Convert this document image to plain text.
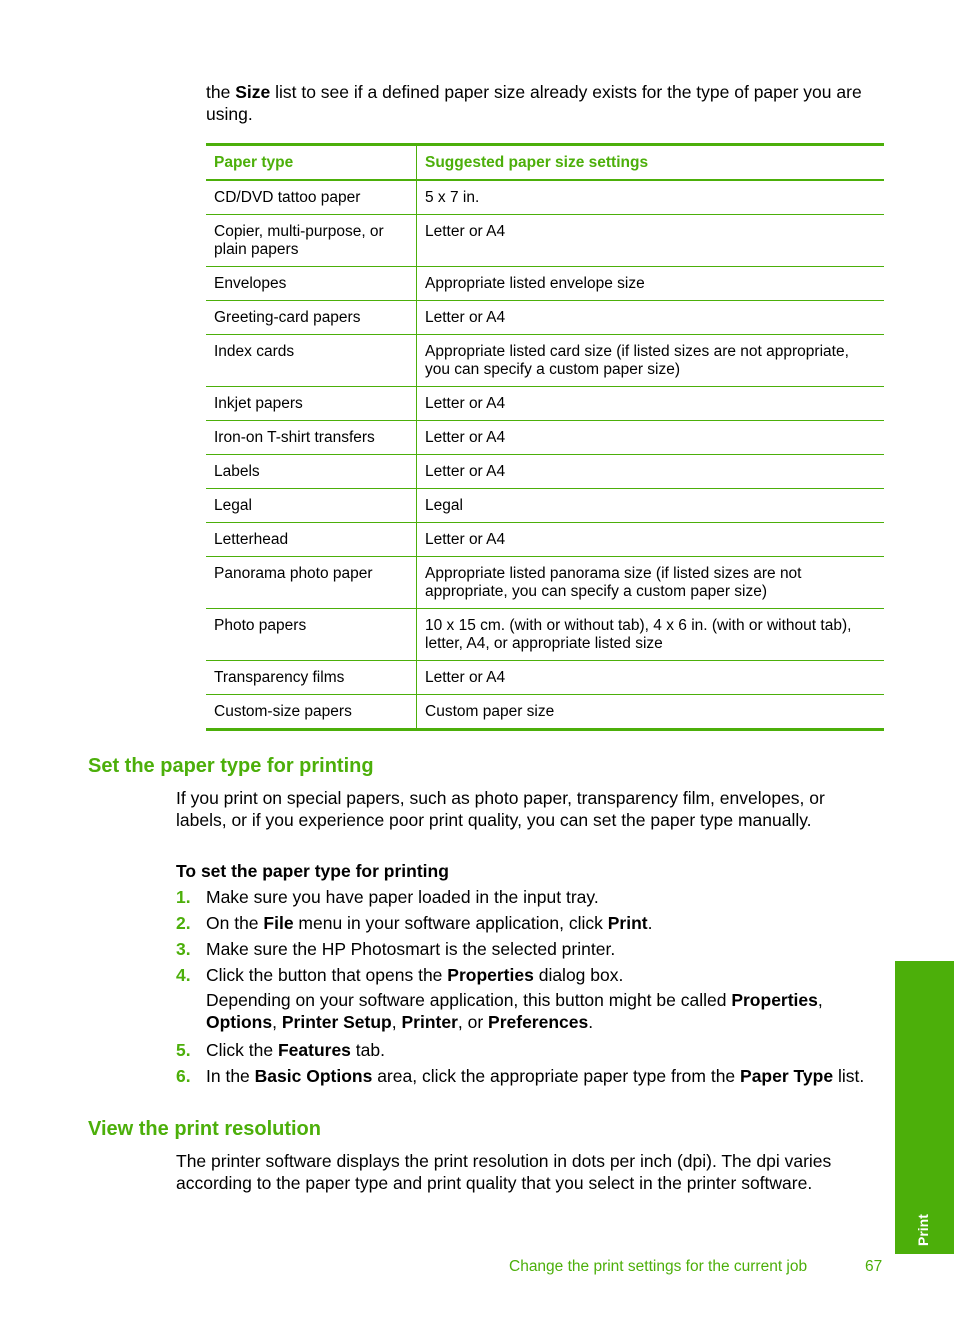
the Size list to see if a defined paper size already exists for the type of paper you are using.
Paper type	Suggested paper size settings
CD/DVD tattoo paper	5 x 7 in.
Copier, multi-purpose, or plain papers	Letter or A4
Envelopes	Appropriate listed envelope size
Greeting-card papers	Letter or A4
Index cards	Appropriate listed card size (if listed sizes are not appropriate, you can specify a custom paper size)
Inkjet papers	Letter or A4
Iron-on T-shirt transfers	Letter or A4
Labels	Letter or A4
Legal	Legal
Letterhead	Letter or A4
Panorama photo paper	Appropriate listed panorama size (if listed sizes are not appropriate, you can specify a custom paper size)
Photo papers	10 x 15 cm. (with or without tab), 4 x 6 in. (with or without tab), letter, A4, or appropriate listed size
Transparency films	Letter or A4
Custom-size papers	Custom paper size
Set the paper type for printing
If you print on special papers, such as photo paper, transparency film, envelopes, or labels, or if you experience poor print quality, you can set the paper type manually.
To set the paper type for printing
1. Make sure you have paper loaded in the input tray.
2. On the File menu in your software application, click Print.
3. Make sure the HP Photosmart is the selected printer.
4. Click the button that opens the Properties dialog box.
Depending on your software application, this button might be called Properties, Options, Printer Setup, Printer, or Preferences.
5. Click the Features tab.
6. In the Basic Options area, click the appropriate paper type from the Paper Type list.
View the print resolution
The printer software displays the print resolution in dots per inch (dpi). The dpi varies according to the paper type and print quality that you select in the printer software.
Print
Change the print settings for the current job	67
